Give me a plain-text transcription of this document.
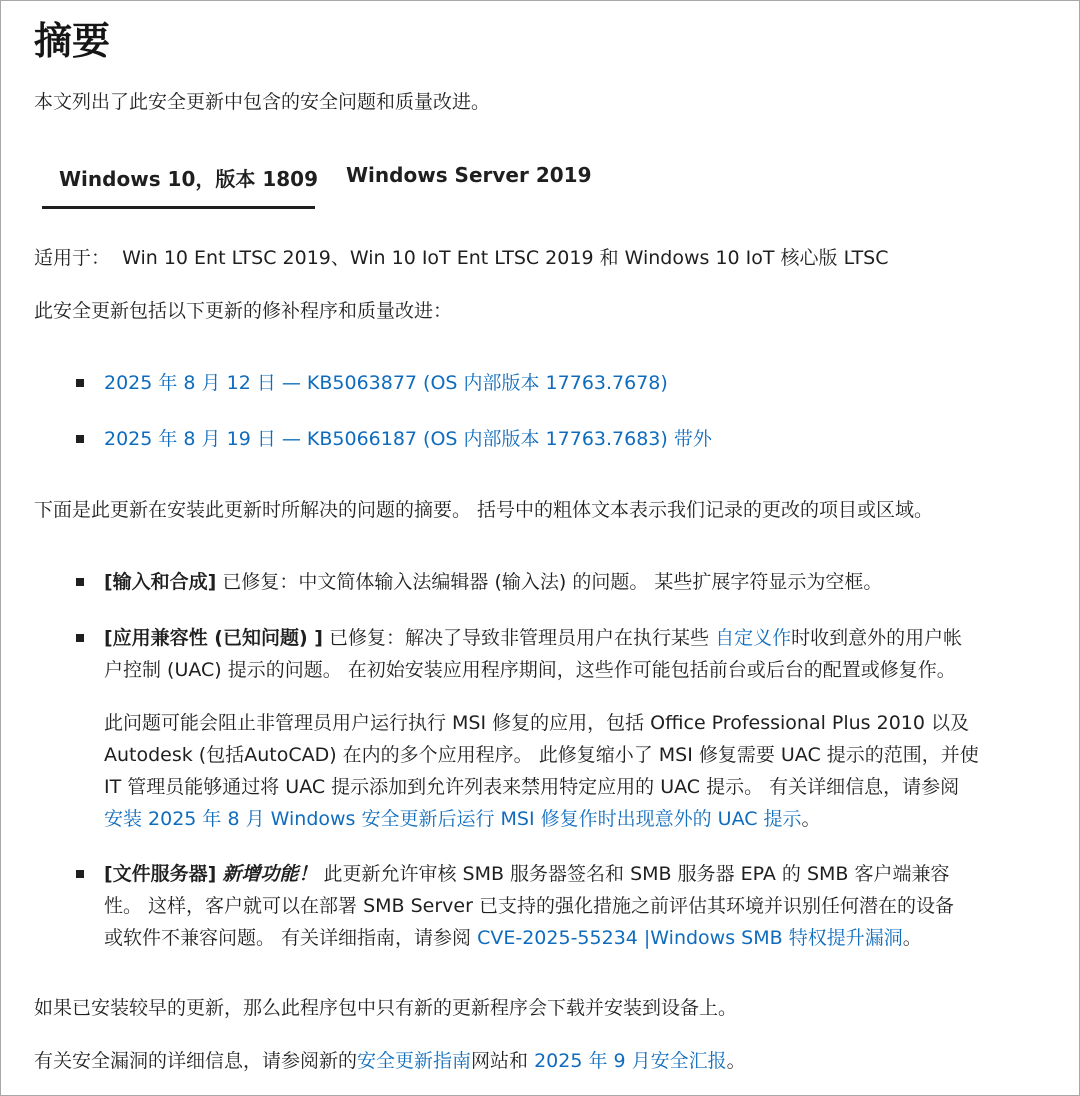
摘要

本文列出了此安全更新中包含的安全问题和质量改进。

Windows 10，版本 1809 Windows Server 2019

适用于： Win 10 Ent LTSC 2019、Win 10 IoT Ent LTSC 2019 和 Windows 10 IoT 核心版 LTSC

此安全更新包括以下更新的修补程序和质量改进：

2025 年 8 月 12 日 — KB5063877 (OS 内部版本 17763.7678)
2025 年 8 月 19 日 — KB5066187 (OS 内部版本 17763.7683) 带外

下面是此更新在安装此更新时所解决的问题的摘要。 括号中的粗体文本表示我们记录的更改的项目或区域。

[输入和合成] 已修复：中文简体输入法编辑器 (输入法) 的问题。 某些扩展字符显示为空框。

[应用兼容性 (已知问题) ] 已修复：解决了导致非管理员用户在执行某些 自定义作时收到意外的用户帐

户控制 (UAC) 提示的问题。 在初始安装应用程序期间，这些作可能包括前台或后台的配置或修复作。

此问题可能会阻止非管理员用户运行执行 MSI 修复的应用，包括 Office Professional Plus 2010 以及

Autodesk (包括AutoCAD) 在内的多个应用程序。 此修复缩小了 MSI 修复需要 UAC 提示的范围，并使

IT 管理员能够通过将 UAC 提示添加到允许列表来禁用特定应用的 UAC 提示。 有关详细信息，请参阅

安装 2025 年 8 月 Windows 安全更新后运行 MSI 修复作时出现意外的 UAC 提示。

[文件服务器] 新增功能！ 此更新允许审核 SMB 服务器签名和 SMB 服务器 EPA 的 SMB 客户端兼容

性。 这样，客户就可以在部署 SMB Server 已支持的强化措施之前评估其环境并识别任何潜在的设备

或软件不兼容问题。 有关详细指南，请参阅 CVE-2025-55234 |Windows SMB 特权提升漏洞。

如果已安装较早的更新，那么此程序包中只有新的更新程序会下载并安装到设备上。

有关安全漏洞的详细信息，请参阅新的安全更新指南网站和 2025 年 9 月安全汇报。
